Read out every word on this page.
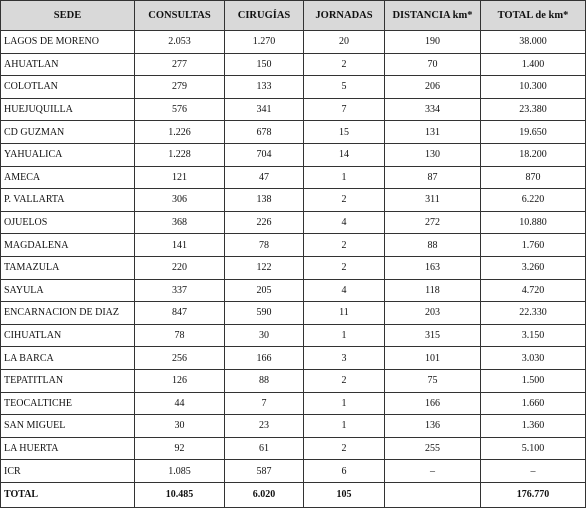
SEDE	CONSULTAS	CIRUGÍAS	JORNADAS	DISTANCIA km*	TOTAL de km*
LAGOS DE MORENO	2.053	1.270	20	190	38.000
AHUATLAN	277	150	2	70	1.400
COLOTLAN	279	133	5	206	10.300
HUEJUQUILLA	576	341	7	334	23.380
CD GUZMAN	1.226	678	15	131	19.650
YAHUALICA	1.228	704	14	130	18.200
AMECA	121	47	1	87	870
P. VALLARTA	306	138	2	311	6.220
OJUELOS	368	226	4	272	10.880
MAGDALENA	141	78	2	88	1.760
TAMAZULA	220	122	2	163	3.260
SAYULA	337	205	4	118	4.720
ENCARNACION DE DIAZ	847	590	11	203	22.330
CIHUATLAN	78	30	1	315	3.150
LA BARCA	256	166	3	101	3.030
TEPATITLAN	126	88	2	75	1.500
TEOCALTICHE	44	7	1	166	1.660
SAN MIGUEL	30	23	1	136	1.360
LA HUERTA	92	61	2	255	5.100
ICR	1.085	587	6	–	–
TOTAL	10.485	6.020	105		176.770
